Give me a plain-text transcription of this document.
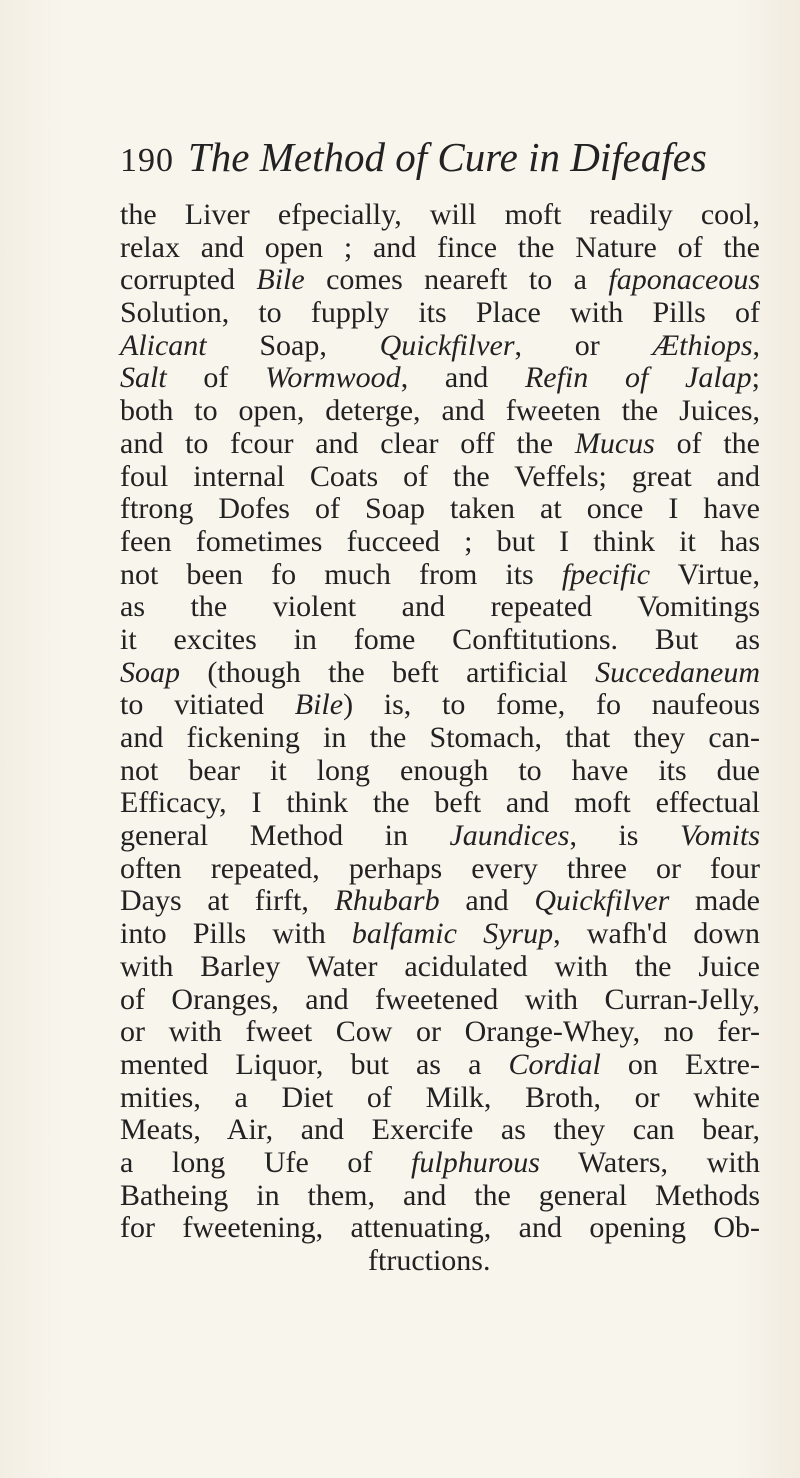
190 The Method of Cure in Difeafes
the Liver efpecially, will moft readily cool,
relax and open ; and fince the Nature of the
corrupted Bile comes neareft to a faponaceous
Solution, to fupply its Place with Pills of
Alicant Soap, Quickfilver, or Æthiops,
Salt of Wormwood, and Refin of Jalap;
both to open, deterge, and fweeten the Juices,
and to fcour and clear off the Mucus of the
foul internal Coats of the Veffels; great and
ftrong Dofes of Soap taken at once I have
feen fometimes fucceed ; but I think it has
not been fo much from its fpecific Virtue,
as the violent and repeated Vomitings
it excites in fome Conftitutions. But as
Soap (though the beft artificial Succedaneum
to vitiated Bile) is, to fome, fo naufeous
and fickening in the Stomach, that they can-
not bear it long enough to have its due
Efficacy, I think the beft and moft effectual
general Method in Jaundices, is Vomits
often repeated, perhaps every three or four
Days at firft, Rhubarb and Quickfilver made
into Pills with balfamic Syrup, wafh'd down
with Barley Water acidulated with the Juice
of Oranges, and fweetened with Curran-Jelly,
or with fweet Cow or Orange-Whey, no fer-
mented Liquor, but as a Cordial on Extre-
mities, a Diet of Milk, Broth, or white
Meats, Air, and Exercife as they can bear,
a long Ufe of fulphurous Waters, with
Batheing in them, and the general Methods
for fweetening, attenuating, and opening Ob-
ftructions.
